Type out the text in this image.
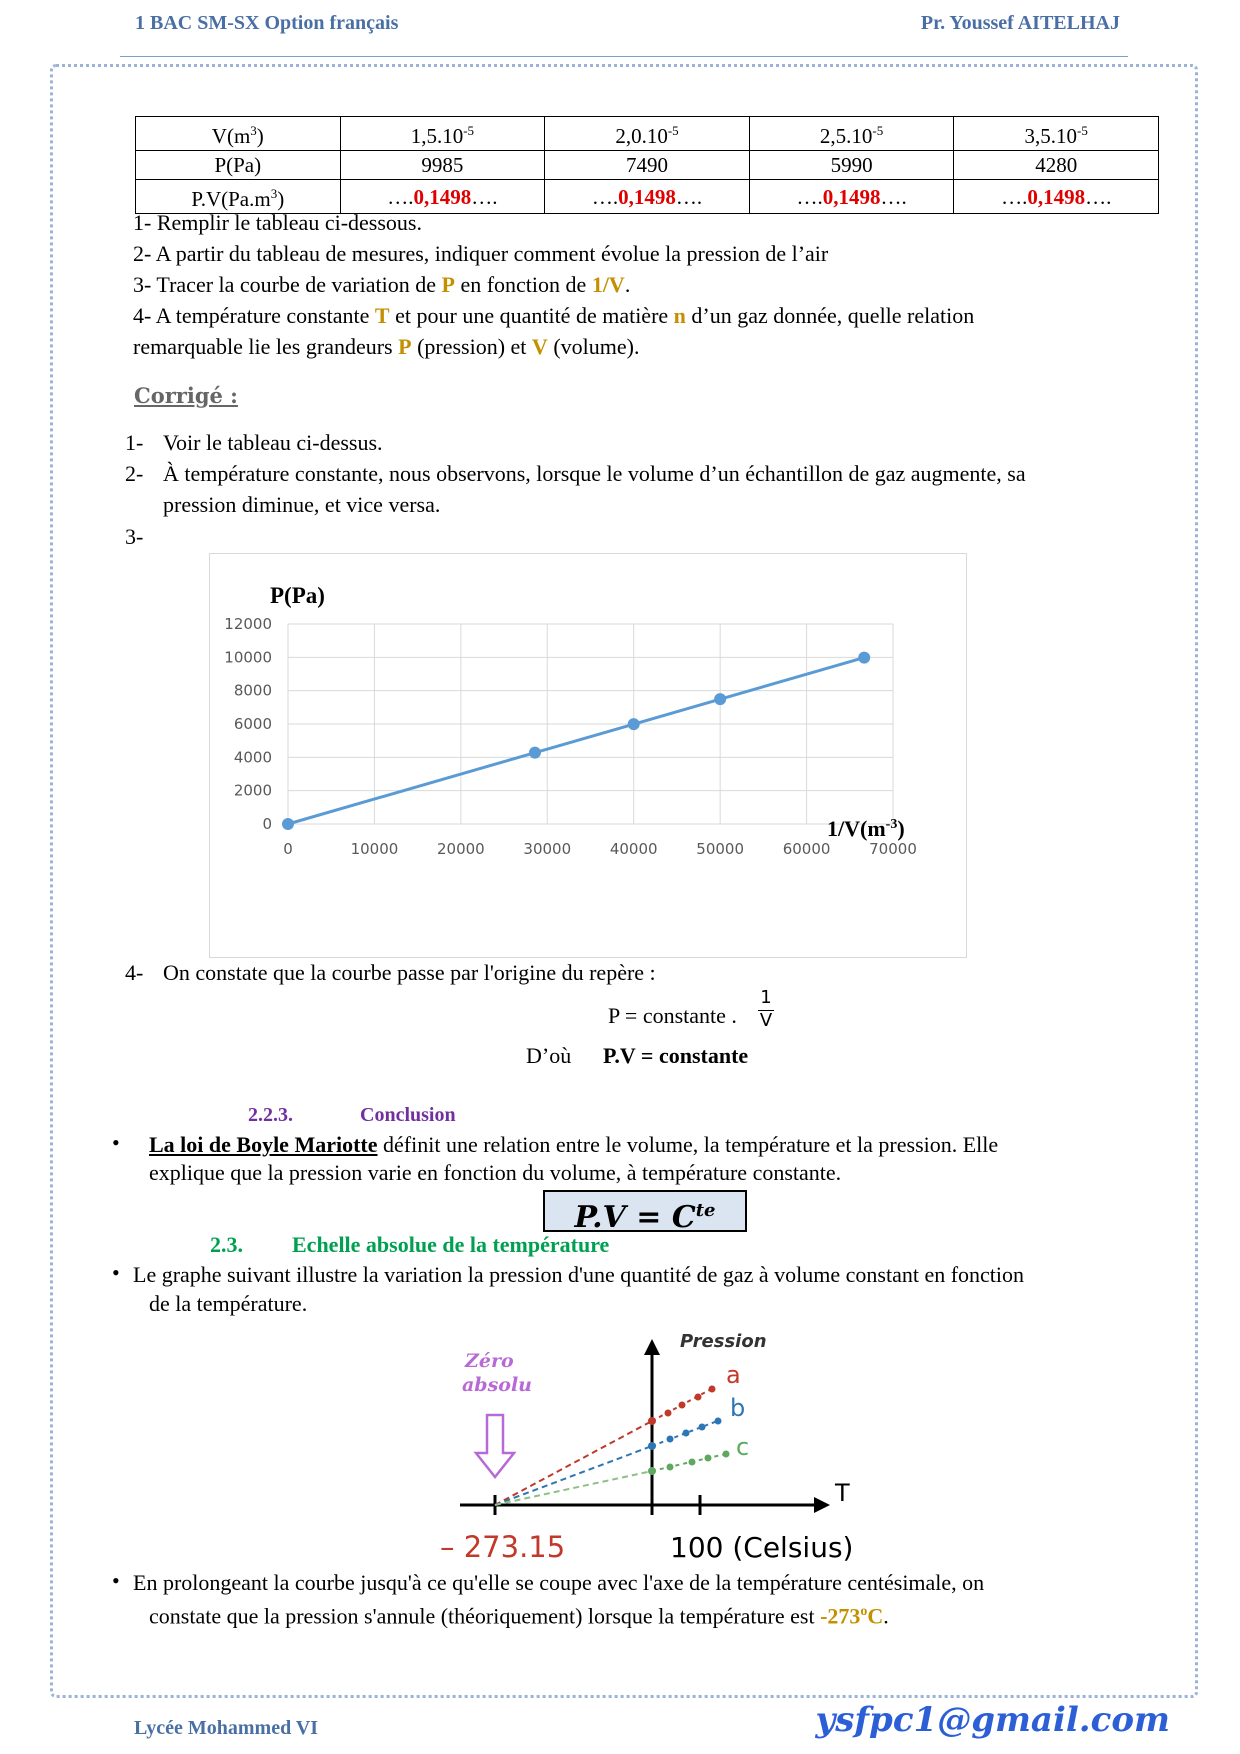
1 BAC SM-SX Option français	Pr. Youssef AITELHAJ
$V(m^3)$	$1,5.10^{-5}$	$2,0.10^{-5}$	$2,5.10^{-5}$	$3,5.10^{-5}$
P(Pa)	9985	7490	5990	4280
$P.V(Pa.m^3)$	….0,1498….	….0,1498….	….0,1498….	….0,1498….
1- Remplir le tableau ci-dessous.
2- A partir du tableau de mesures, indiquer comment évolue la pression de l’air
3- Tracer la courbe de variation de P en fonction de 1/V.
4- A température constante T et pour une quantité de matière n d’un gaz donnée, quelle relation
remarquable lie les grandeurs P (pression) et V (volume).
Corrigé :
1- Voir le tableau ci-dessus.
2- À température constante, nous observons, lorsque le volume d’un échantillon de gaz augmente, sa
pression diminue, et vice versa.
3-
0
2000
4000
6000
8000
10000
12000
0	10000	20000	30000	40000	50000	60000	70000
P(Pa)
$1/V(m^{-3})$
4- On constate que la courbe passe par l'origine du repère :
P = constante .
1
V
D’où P.V = constante
2.2.3.	Conclusion
• La loi de Boyle Mariotte définit une relation entre le volume, la température et la pression. Elle
explique que la pression varie en fonction du volume, à température constante.
$P.V = C^{te}$
2.3. Echelle absolue de la température
• Le graphe suivant illustre la variation la pression d'une quantité de gaz à volume constant en fonction
de la température.
a
b
c
Pression
T
Zéro
absolu
– 273.15	100 (Celsius)
• En prolongeant la courbe jusqu'à ce qu'elle se coupe avec l'axe de la température centésimale, on
constate que la pression s'annule (théoriquement) lorsque la température est -273$^o$C.
Lycée Mohammed VI	ysfpc1@gmail.com
